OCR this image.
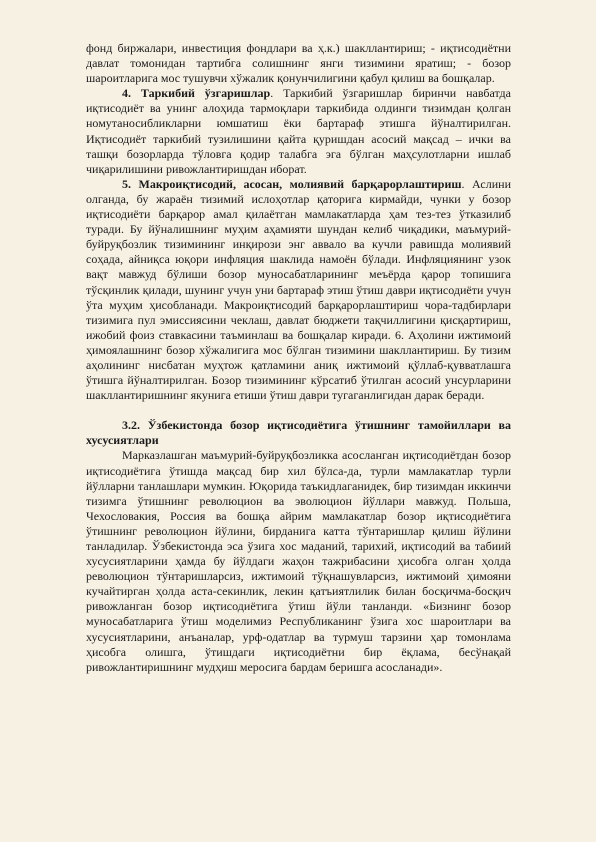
фонд биржалари, инвестиция фондлари ва ҳ.к.) шакллантириш; - иқтисодиётни давлат томонидан тартибга солишнинг янги тизимини яратиш; - бозор шароитларига мос тушувчи хўжалик қонунчилигини қабул қилиш ва бошқалар.

4. Таркибий ўзгаришлар. Таркибий ўзгаришлар биринчи навбатда иқтисодиёт ва унинг алоҳида тармоқлари таркибида олдинги тизимдан қолган номутаносибликларни юмшатиш ёки бартараф этишга йўналтирилган. Иқтисодиёт таркибий тузилишини қайта қуришдан асосий мақсад – ички ва ташқи бозорларда тўловга қодир талабга эга бўлган маҳсулотларни ишлаб чиқарилишини ривожлантиришдан иборат.

5. Макроиқтисодий, асосан, молиявий барқарорлаштириш. Аслини олганда, бу жараён тизимий ислоҳотлар қаторига кирмайди, чунки у бозор иқтисодиёти барқарор амал қилаётган мамлакатларда ҳам тез-тез ўтказилиб туради. Бу йўналишнинг муҳим аҳамияти шундан келиб чиқадики, маъмурий-буйруқбозлик тизимининг инқирози энг аввало ва кучли равишда молиявий соҳада, айниқса юқори инфляция шаклида намоён бўлади. Инфляциянинг узок вақт мавжуд бўлиши бозор муносабатларининг меъёрда қарор топишига тўсқинлик қилади, шунинг учун уни бартараф этиш ўтиш даври иқтисодиёти учун ўта муҳим ҳисобланади. Макроиқтисодий барқарорлаштириш чора-тадбирлари тизимига пул эмиссиясини чеклаш, давлат бюджети тақчиллигини қисқартириш, ижобий фоиз ставкасини таъминлаш ва бошқалар киради. 6. Аҳолини ижтимоий ҳимоялашнинг бозор хўжалигига мос бўлган тизимини шакллантириш. Бу тизим аҳолининг нисбатан муҳтож қатламини аниқ ижтимоий қўллаб-қувватлашга ўтишга йўналтирилган. Бозор тизимининг кўрсатиб ўтилган асосий унсурларини шакллантиришнинг якунига етиши ўтиш даври тугаганлигидан дарак беради.

3.2. Ўзбекистонда бозор иқтисодиётига ўтишнинг тамойиллари ва хусусиятлари

Марказлашган маъмурий-буйруқбозликка асосланган иқтисодиётдан бозор иқтисодиётига ўтишда мақсад бир хил бўлса-да, турли мамлакатлар турли йўлларни танлашлари мумкин. Юқорида таъкидлаганидек, бир тизимдан иккинчи тизимга ўтишнинг революцион ва эволюцион йўллари мавжуд. Польша, Чехословакия, Россия ва бошқа айрим мамлакатлар бозор иқтисодиётига ўтишнинг революцион йўлини, бирданига катта тўнтаришлар қилиш йўлини танладилар. Ўзбекистонда эса ўзига хос маданий, тарихий, иқтисодий ва табиий хусусиятларини ҳамда бу йўлдаги жаҳон тажрибасини ҳисобга олган ҳолда революцион тўнтаришларсиз, ижтимоий тўқнашувларсиз, ижтимоий ҳимояни кучайтирган ҳолда аста-секинлик, лекин қатъиятлилик билан босқичма-босқич ривожланган бозор иқтисодиётига ўтиш йўли танланди. «Бизнинг бозор муносабатларига ўтиш моделимиз Республиканинг ўзига хос шароитлари ва хусусиятларини, анъаналар, урф-одатлар ва турмуш тарзини ҳар томонлама ҳисобга олишга, ўтишдаги иқтисодиётни бир ёқлама, бесўнақай ривожлантиришнинг мудҳиш меросига бардам беришга асосланади».
